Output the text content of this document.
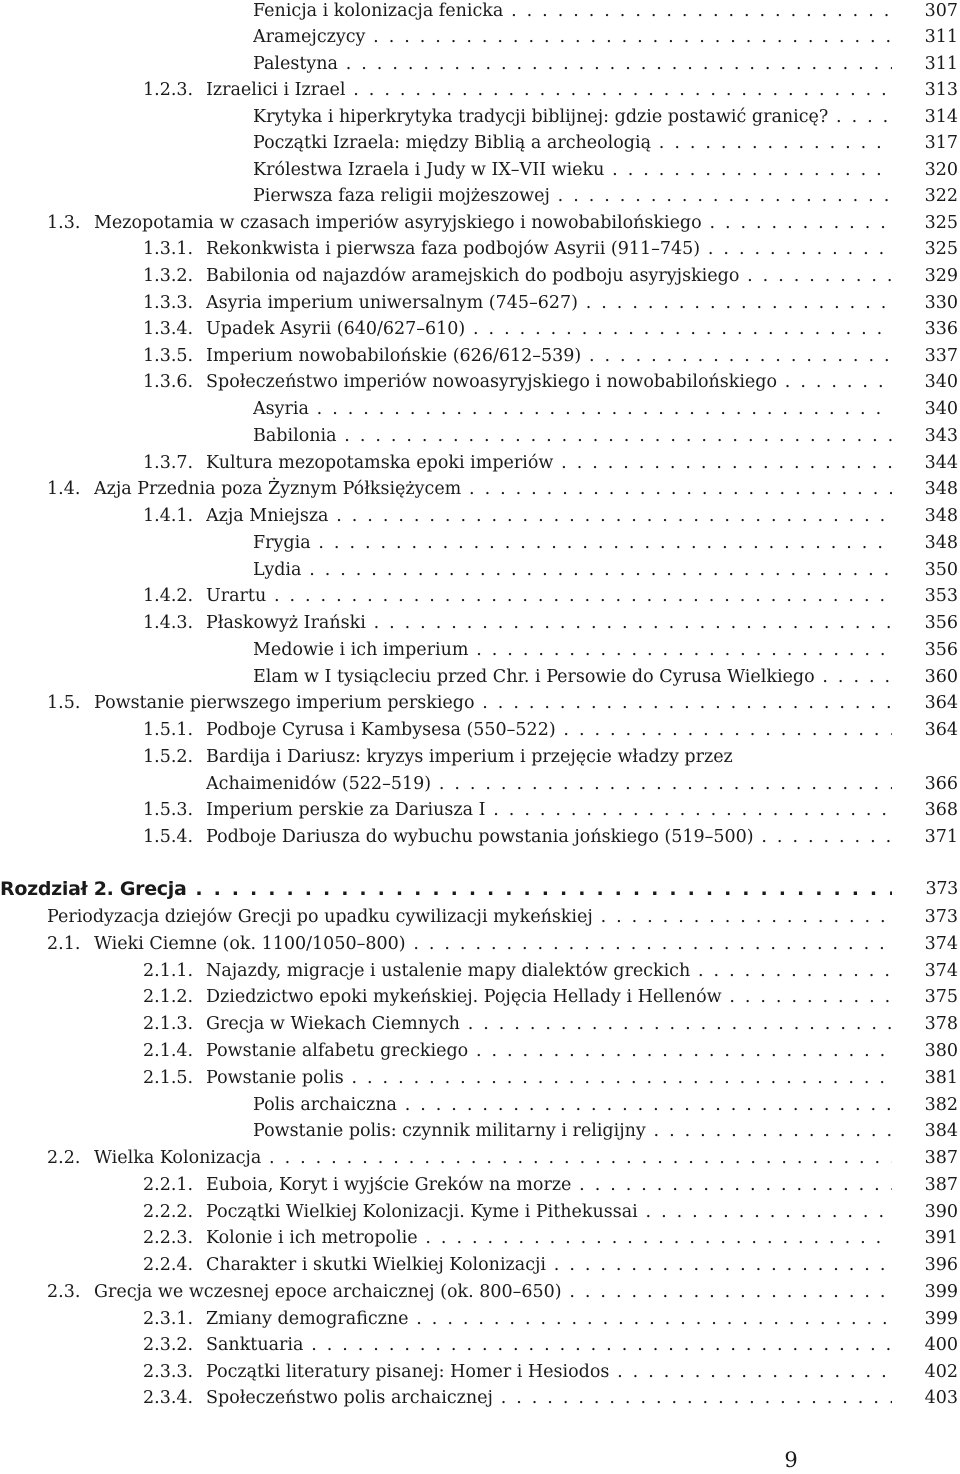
Fenicja i kolonizacja fenicka . . .	307
Aramejczycy . . .	311
Palestyna . . .	311
1.2.3. Izraelici i Izrael . . .	313
Krytyka i hiperkrytyka tradycji biblijnej: gdzie postawić granicę? . . .	314
Początki Izraela: między Biblią a archeologią . . .	317
Królestwa Izraela i Judy w IX–VII wieku . . .	320
Pierwsza faza religii mojżeszowej . . .	322
1.3. Mezopotamia w czasach imperiów asyryjskiego i nowobabilońskiego . . .	325
1.3.1. Rekonkwista i pierwsza faza podbojów Asyrii (911–745) . . .	325
1.3.2. Babilonia od najazdów aramejskich do podboju asyryjskiego . . .	329
1.3.3. Asyria imperium uniwersalnym (745–627) . . .	330
1.3.4. Upadek Asyrii (640/627–610) . . .	336
1.3.5. Imperium nowobabilońskie (626/612–539) . . .	337
1.3.6. Społeczeństwo imperiów nowoasyryjskiego i nowobabilońskiego . . .	340
Asyria . . .	340
Babilonia . . .	343
1.3.7. Kultura mezopotamska epoki imperiów . . .	344
1.4. Azja Przednia poza Żyznym Półksiężycem . . .	348
1.4.1. Azja Mniejsza . . .	348
Frygia . . .	348
Lydia . . .	350
1.4.2. Urartu . . .	353
1.4.3. Płaskowyż Irański . . .	356
Medowie i ich imperium . . .	356
Elam w I tysiącleciu przed Chr. i Persowie do Cyrusa Wielkiego . . .	360
1.5. Powstanie pierwszego imperium perskiego . . .	364
1.5.1. Podboje Cyrusa i Kambysesa (550–522) . . .	364
1.5.2. Bardija i Dariusz: kryzys imperium i przejęcie władzy przez
Achaimenidów (522–519) . . .	366
1.5.3. Imperium perskie za Dariusza I . . .	368
1.5.4. Podboje Dariusza do wybuchu powstania jońskiego (519–500) . . .	371
Rozdział 2. Grecja . . .	373
Periodyzacja dziejów Grecji po upadku cywilizacji mykeńskiej . . .	373
2.1. Wieki Ciemne (ok. 1100/1050–800) . . .	374
2.1.1. Najazdy, migracje i ustalenie mapy dialektów greckich . . .	374
2.1.2. Dziedzictwo epoki mykeńskiej. Pojęcia Hellady i Hellenów . . .	375
2.1.3. Grecja w Wiekach Ciemnych . . .	378
2.1.4. Powstanie alfabetu greckiego . . .	380
2.1.5. Powstanie polis . . .	381
Polis archaiczna . . .	382
Powstanie polis: czynnik militarny i religijny . . .	384
2.2. Wielka Kolonizacja . . .	387
2.2.1. Euboia, Koryt i wyjście Greków na morze . . .	387
2.2.2. Początki Wielkiej Kolonizacji. Kyme i Pithekussai . . .	390
2.2.3. Kolonie i ich metropolie . . .	391
2.2.4. Charakter i skutki Wielkiej Kolonizacji . . .	396
2.3. Grecja we wczesnej epoce archaicznej (ok. 800–650) . . .	399
2.3.1. Zmiany demograficzne . . .	399
2.3.2. Sanktuaria . . .	400
2.3.3. Początki literatury pisanej: Homer i Hesiodos . . .	402
2.3.4. Społeczeństwo polis archaicznej . . .	403
9
